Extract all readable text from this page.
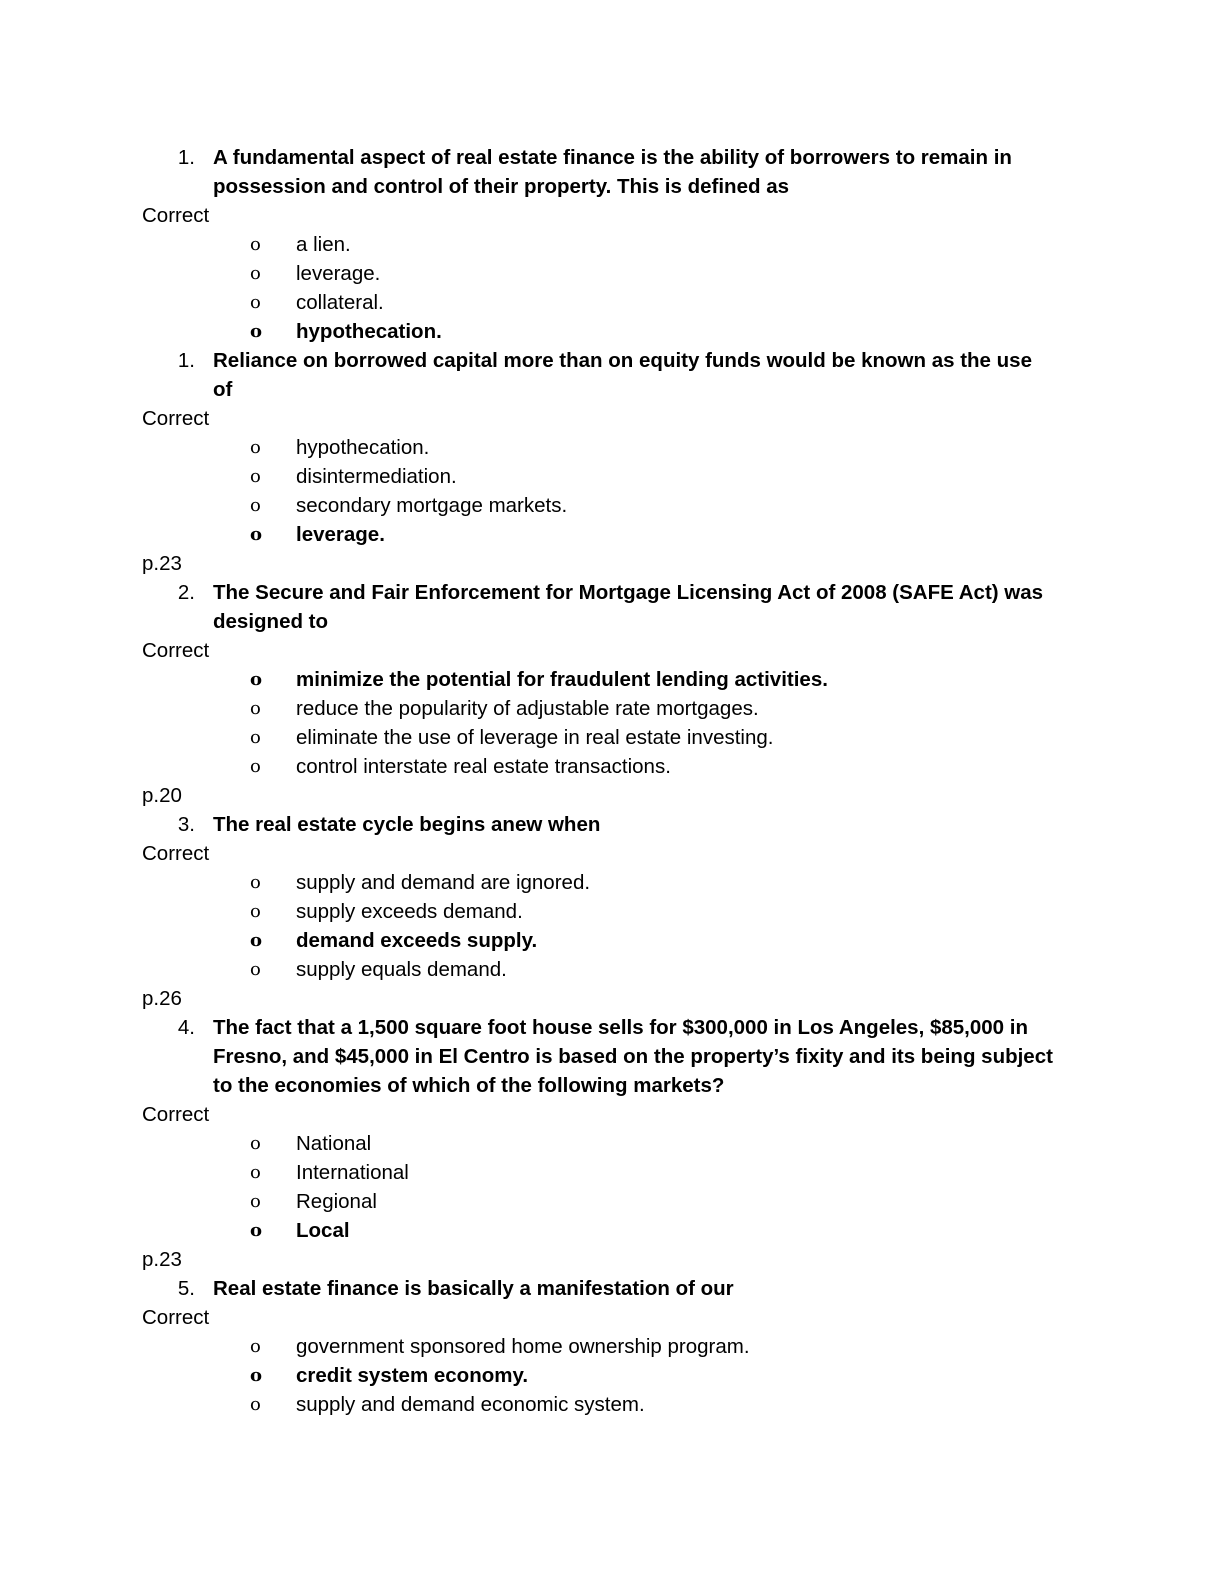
1. A fundamental aspect of real estate finance is the ability of borrowers to remain in
possession and control of their property. This is defined as
Correct
o a lien.
o leverage.
o collateral.
o hypothecation.
1. Reliance on borrowed capital more than on equity funds would be known as the use
of
Correct
o hypothecation.
o disintermediation.
o secondary mortgage markets.
o leverage.
p.23
2. The Secure and Fair Enforcement for Mortgage Licensing Act of 2008 (SAFE Act) was
designed to
Correct
o minimize the potential for fraudulent lending activities.
o reduce the popularity of adjustable rate mortgages.
o eliminate the use of leverage in real estate investing.
o control interstate real estate transactions.
p.20
3. The real estate cycle begins anew when
Correct
o supply and demand are ignored.
o supply exceeds demand.
o demand exceeds supply.
o supply equals demand.
p.26
4. The fact that a 1,500 square foot house sells for $300,000 in Los Angeles, $85,000 in
Fresno, and $45,000 in El Centro is based on the property’s fixity and its being subject
to the economies of which of the following markets?
Correct
o National
o International
o Regional
o Local
p.23
5. Real estate finance is basically a manifestation of our
Correct
o government sponsored home ownership program.
o credit system economy.
o supply and demand economic system.
